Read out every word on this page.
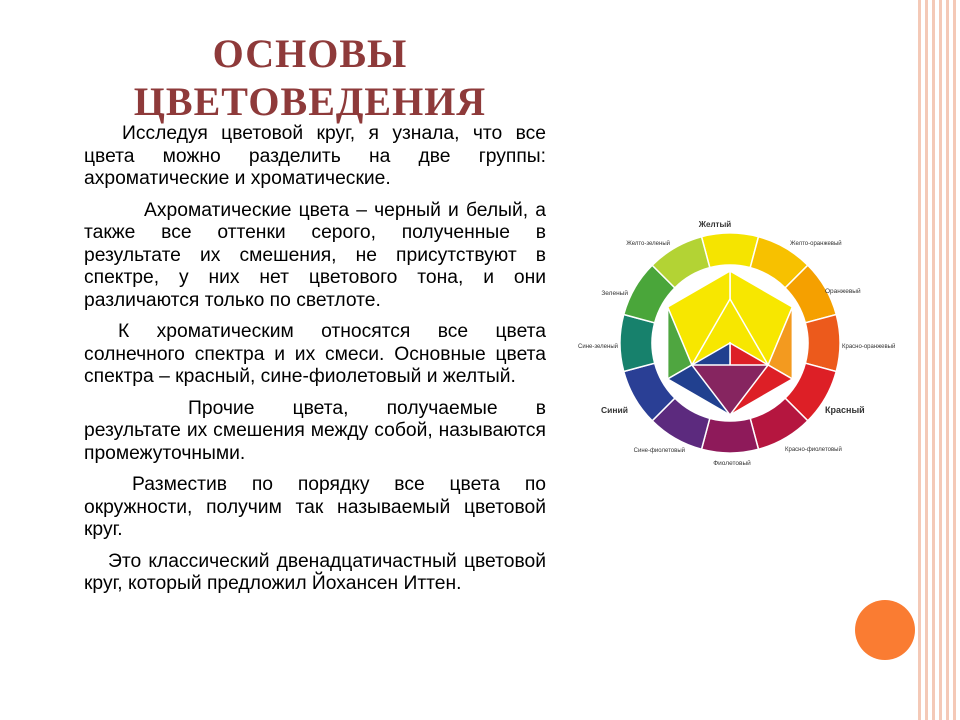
ОСНОВЫ
ЦВЕТОВЕДЕНИЯ

Исследуя цветовой круг, я узнала, что все цвета можно разделить на две группы: ахроматические и хроматические.

Ахроматические цвета – черный и белый, а также все оттенки серого, полученные в результате их смешения, не присутствуют в спектре, у них нет цветового тона, и они различаются только по светлоте.

К хроматическим относятся все цвета солнечного спектра и их смеси. Основные цвета спектра – красный, сине-фиолетовый и желтый.

Прочие цвета, получаемые в результате их смешения между собой, называются промежуточными.

Разместив по порядку все цвета по окружности, получим так называемый цветовой круг.

Это классический двенадцатичастный цветовой круг, который предложил Йохансен Иттен.

Желтый
Желто-оранжевый
Оранжевый
Красно-оранжевый
Красный
Красно-фиолетовый
Фиолетовый
Сине-фиолетовый
Синий
Сине-зеленый
Зеленый
Желто-зеленый
